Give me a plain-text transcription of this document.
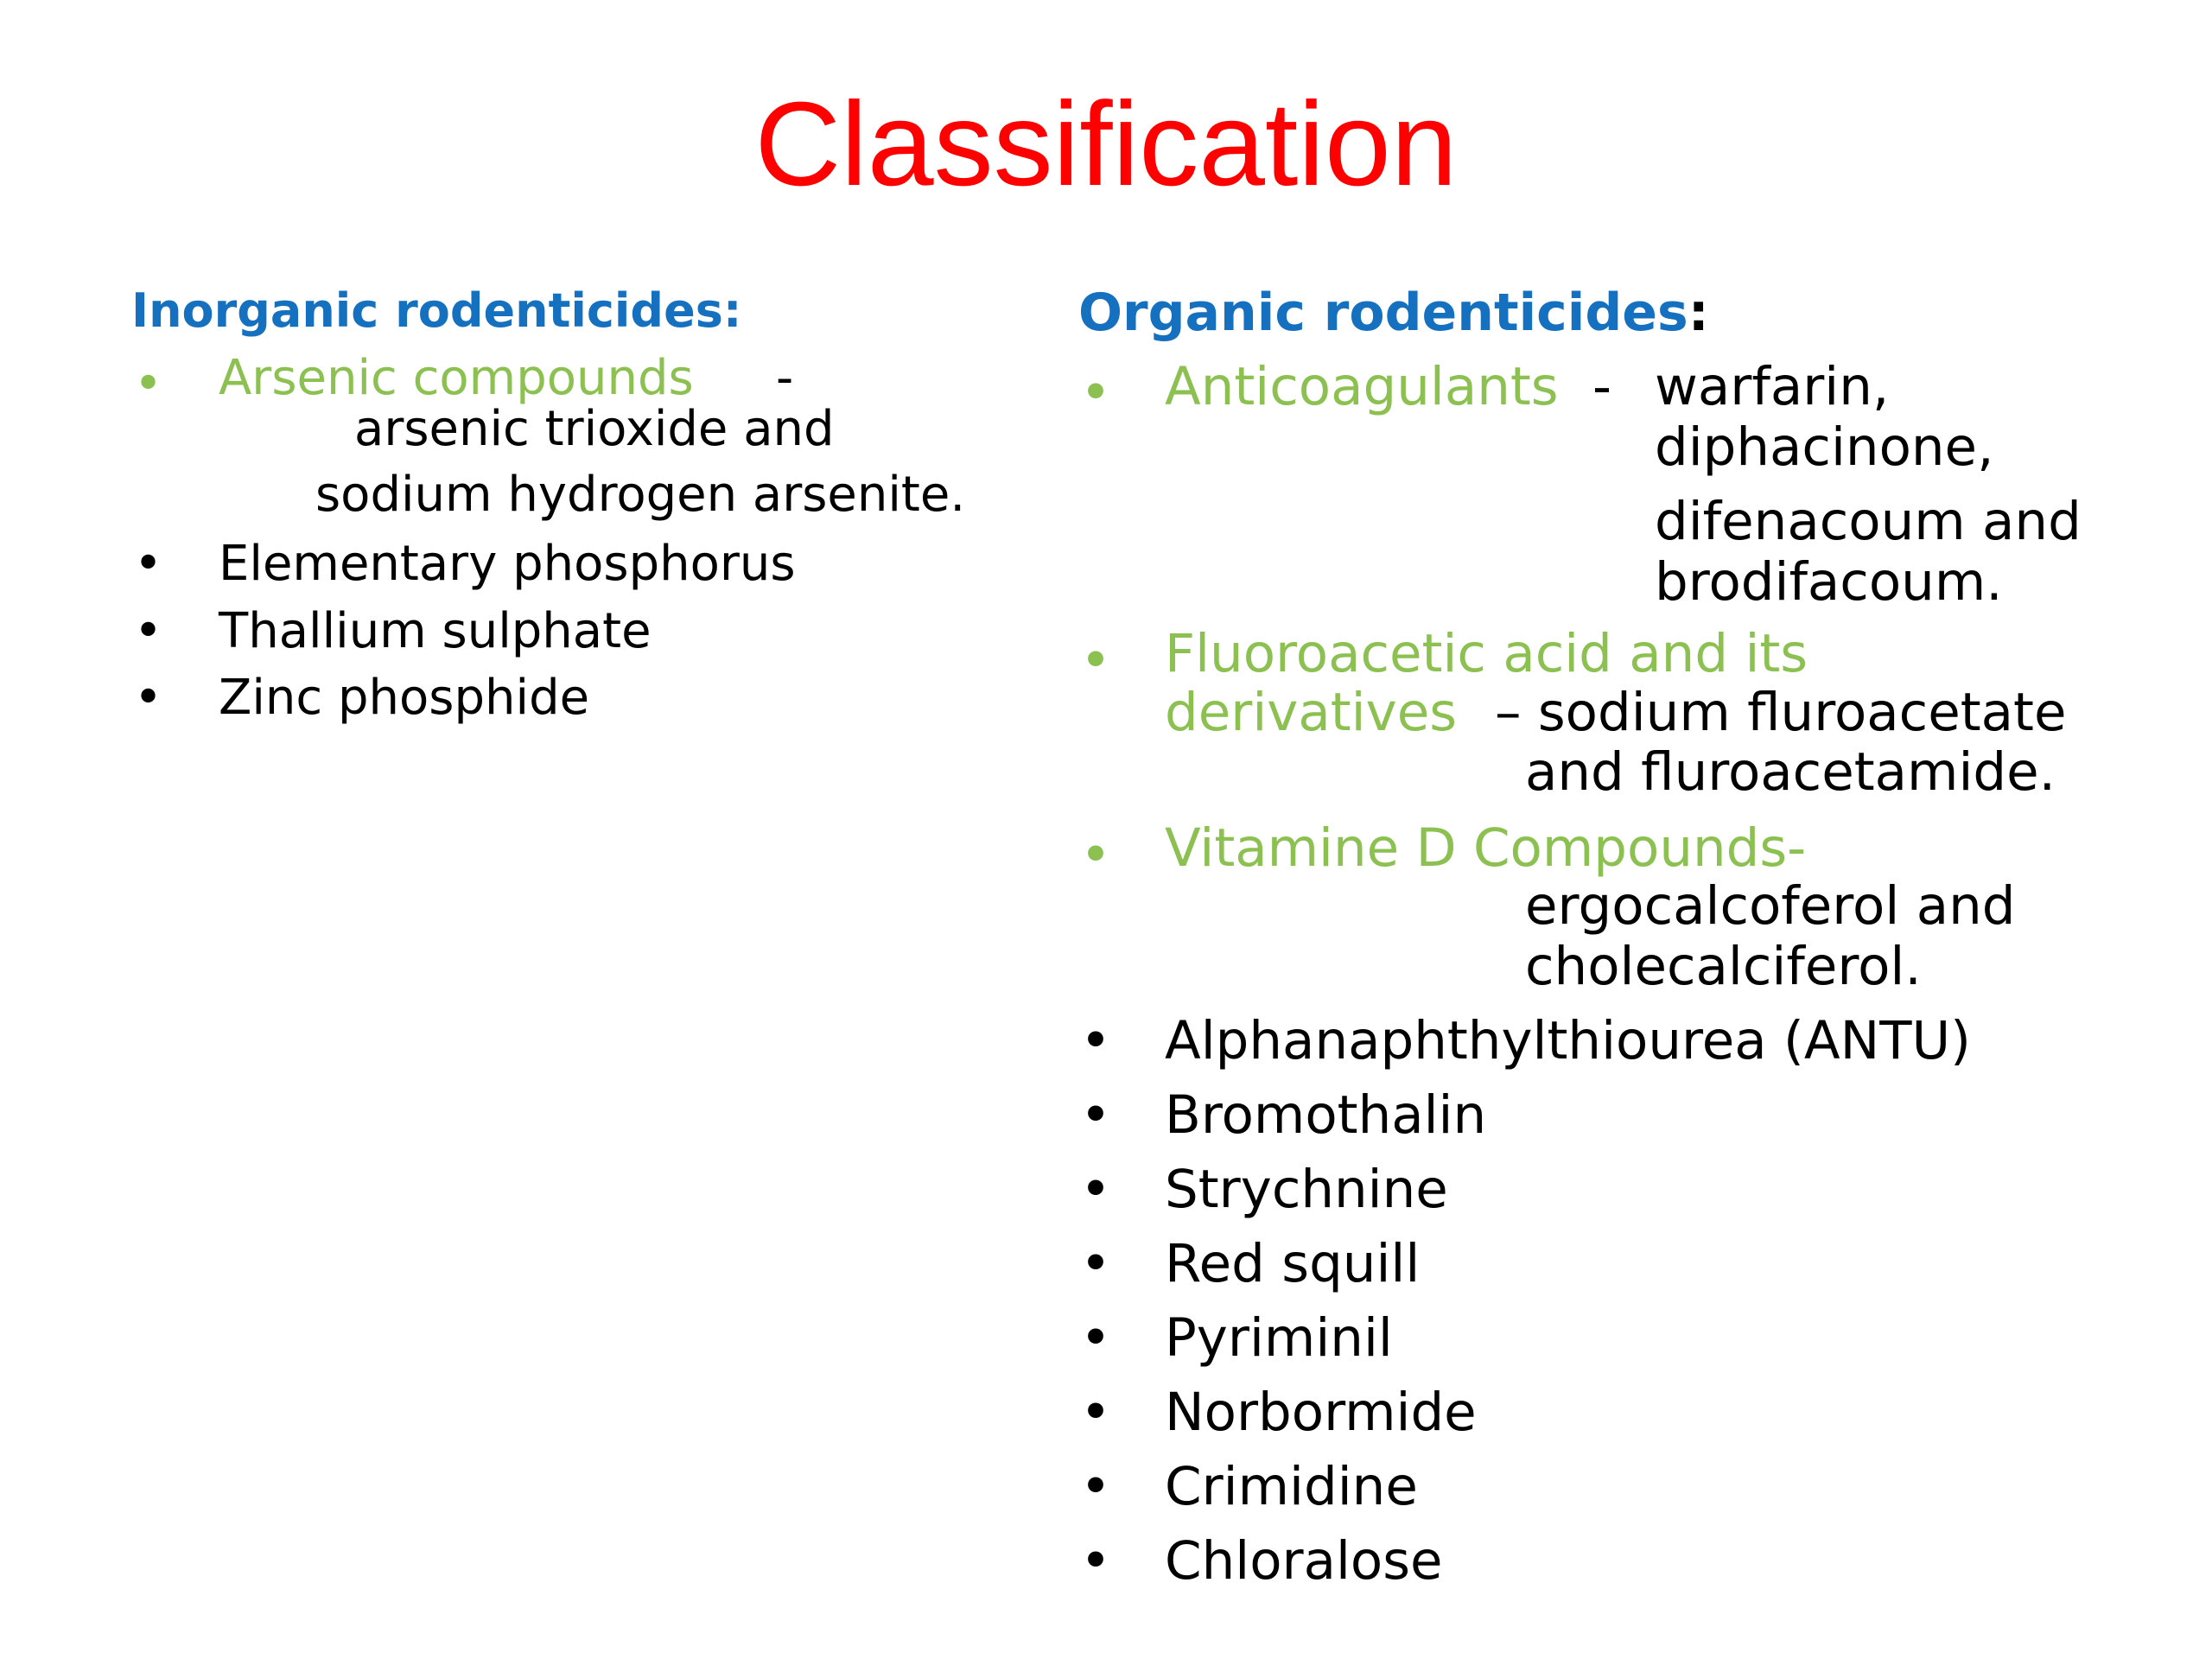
Classification
Inorganic rodenticides:
• Arsenic compounds -
arsenic trioxide and
sodium hydrogen arsenite.
• Elementary phosphorus
• Thallium sulphate
• Zinc phosphide
Organic rodenticides:
• Anticoagulants - warfarin,
diphacinone,
difenacoum and
brodifacoum.
• Fluoroacetic acid and its
derivatives – sodium fluroacetate
and fluroacetamide.
• Vitamine D Compounds-
ergocalcoferol and
cholecalciferol.
• Alphanaphthylthiourea (ANTU)
• Bromothalin
• Strychnine
• Red squill
• Pyriminil
• Norbormide
• Crimidine
• Chloralose
